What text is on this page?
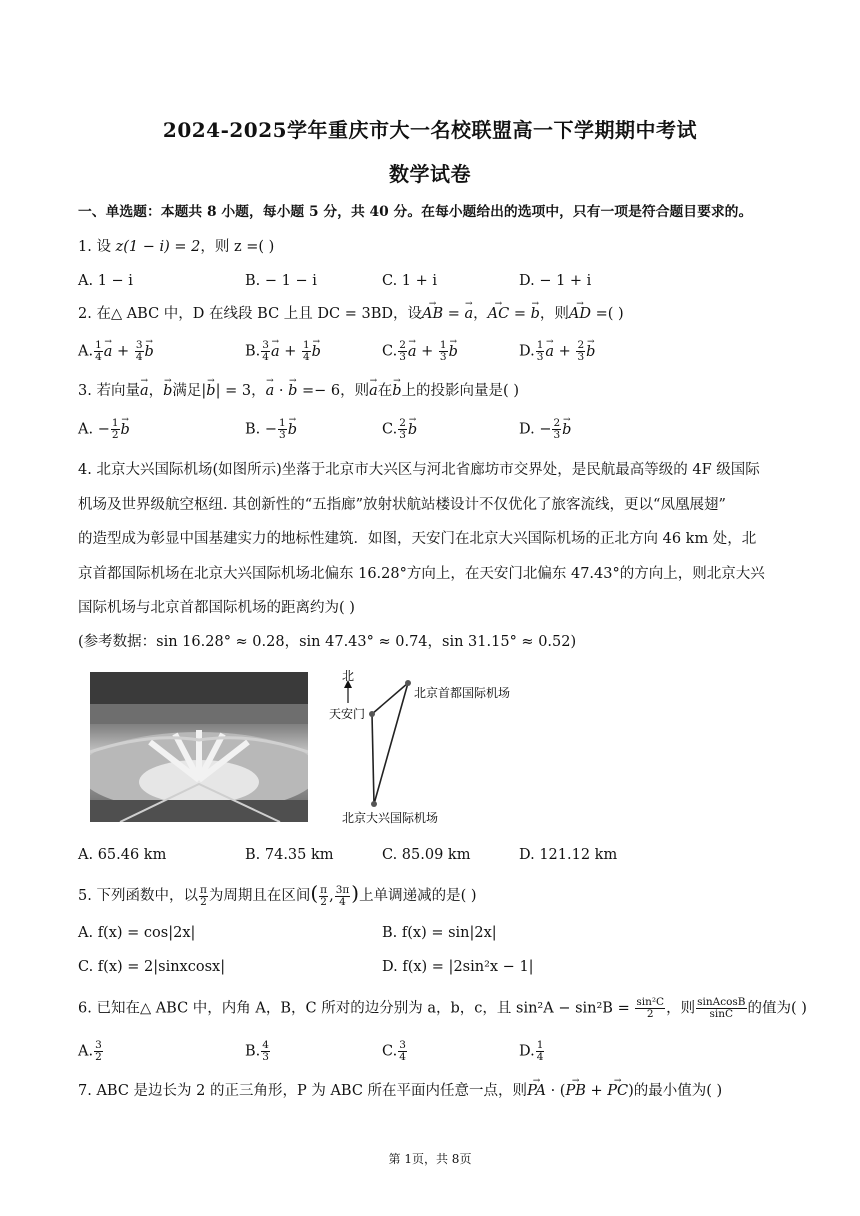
2024-2025学年重庆市大一名校联盟高一下学期期中考试
数学试卷
一、单选题：本题共 8 小题，每小题 5 分，共 40 分。在每小题给出的选项中，只有一项是符合题目要求的。
1. 设 z(1 − i) = 2，则 z =( )
A. 1 − i	B. − 1 − i	C. 1 + i	D. − 1 + i
2. 在△ ABC 中，D 在线段 BC 上且 DC = 3BD，设→ AB = → a，→ AC = → b，则→ AD =( )
A. $\frac{1}{4}$
→ $a + \frac{3}{4}$
→ b	B. $\frac{3}{4}$
→ $a + \frac{1}{4}$
→ b	C. $\frac{2}{3}$
→ $a + \frac{1}{3}$
→ b	D. $\frac{1}{3}$
→ $a + \frac{2}{3}$
→ b
3. 若向量→ a，→ b满足|→ b| = 3，→ a · → b =− 6，则→ a在→ b上的投影向量是( )
A. − $\frac{1}{2}$
→ b	B. − $\frac{1}{3}$
→ b	C. $\frac{2}{3}$
→ b	D. − $\frac{2}{3}$
→ b
4. 北京大兴国际机场(如图所示)坐落于北京市大兴区与河北省廊坊市交界处，是民航最高等级的 4F 级国际
机场及世界级航空枢纽. 其创新性的“五指廊”放射状航站楼设计不仅优化了旅客流线，更以“凤凰展翅”
的造型成为彰显中国基建实力的地标性建筑．如图，天安门在北京大兴国际机场的正北方向 46 km 处，北
京首都国际机场在北京大兴国际机场北偏东 16.28°方向上，在天安门北偏东 47.43°的方向上，则北京大兴
国际机场与北京首都国际机场的距离约为( )
(参考数据：sin 16.28° ≈ 0.28，sin 47.43° ≈ 0.74，sin 31.15° ≈ 0.52)
北
北京首都国际机场
天安门
北京大兴国际机场
A. 65.46 km	B. 74.35 km	C. 85.09 km	D. 121.12 km
5. 下列函数中，以 $\frac{\pi}{2}$ 为周期且在区间( $\frac{\pi}{2}$ , $\frac{3\pi}{4}$ )上单调递减的是( )
A. f(x) = cos|2x|	B. f(x) = sin|2x|
C. f(x) = 2|sinxcosx|	D. f(x) = |2sin²x − 1|
6. 已知在△ ABC 中，内角 A，B，C 所对的边分别为 a，b，c，且 $\sin^2A - \sin^2B = \frac{\text{sin²C}}{2}$ ，则 $\frac{\text{sinAcosB}}{\sin C}$ 的值为( )
A. $\frac{3}{2}$	B. $\frac{4}{3}$	C. $\frac{3}{4}$	D. $\frac{1}{4}$
7. ABC 是边长为 2 的正三角形，P 为 ABC 所在平面内任意一点，则→ PA · (→ PB + → PC)的最小值为( )
第 1页，共 8页
